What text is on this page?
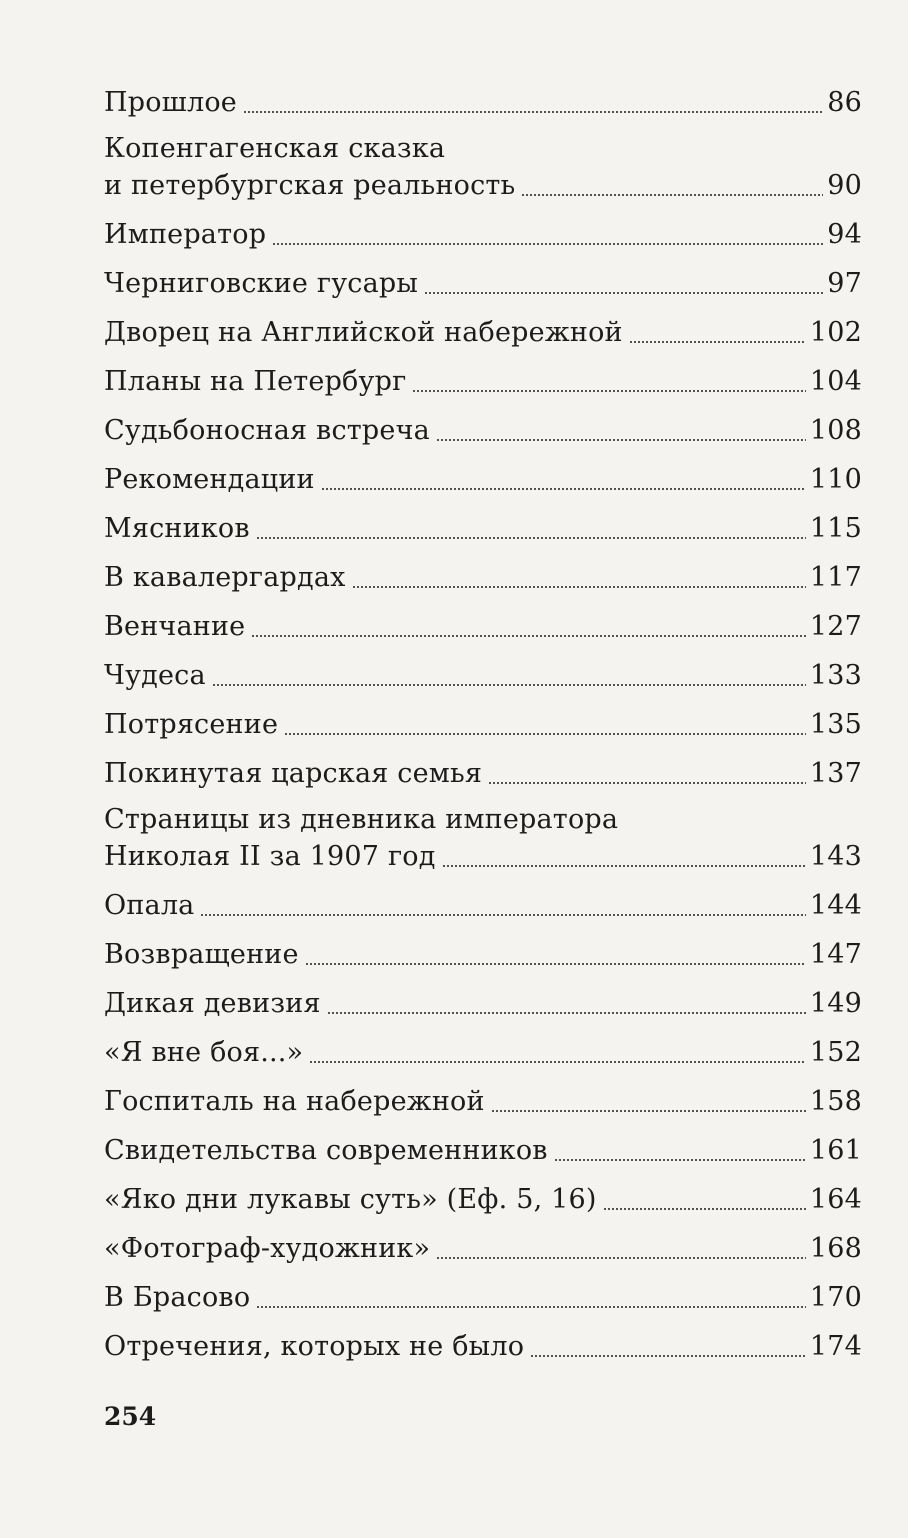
Прошлое	86
Копенгагенская сказка
и петербургская реальность	90
Император	94
Черниговские гусары	97
Дворец на Английской набережной	102
Планы на Петербург	104
Судьбоносная встреча	108
Рекомендации	110
Мясников	115
В кавалергардах	117
Венчание	127
Чудеса	133
Потрясение	135
Покинутая царская семья	137
Страницы из дневника императора
Николая II за 1907 год	143
Опала	144
Возвращение	147
Дикая девизия	149
«Я вне боя...»	152
Госпиталь на набережной	158
Свидетельства современников	161
«Яко дни лукавы суть» (Еф. 5, 16)	164
«Фотограф-художник»	168
В Брасово	170
Отречения, которых не было	174
254
